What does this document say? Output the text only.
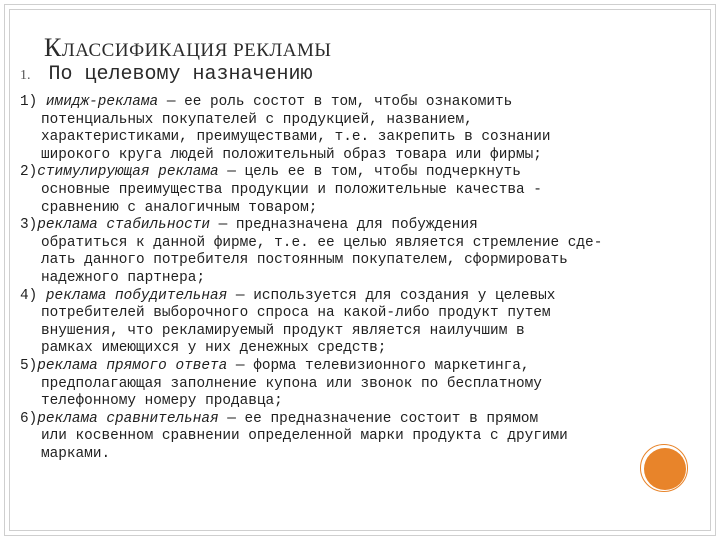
КЛАССИФИКАЦИЯ РЕКЛАМЫ
1. По целевому назначению
1) имидж-реклама — ее роль состот в том, чтобы ознакомить
потенциальных покупателей с продукцией, названием,
характеристиками, преимуществами, т.е. закрепить в сознании
широкого круга людей положительный образ товара или фирмы;
2)стимулирующая реклама — цель ее в том, чтобы подчеркнуть
основные преимущества продукции и положительные качества -
сравнению с аналогичным товаром;
3)реклама стабильности — предназначена для побуждения
обратиться к данной фирме, т.е. ее целью является стремление сде-
лать данного потребителя постоянным покупателем, сформировать
надежного партнера;
4) реклама побудительная — используется для создания у целевых
потребителей выборочного спроса на какой-либо продукт путем
внушения, что рекламируемый продукт является наилучшим в
рамках имеющихся у них денежных средств;
5)реклама прямого ответа — форма телевизионного маркетинга,
предполагающая заполнение купона или звонок по бесплатному
телефонному номеру продавца;
6)реклама сравнительная — ее предназначение состоит в прямом
или косвенном сравнении определенной марки продукта с другими
марками.
